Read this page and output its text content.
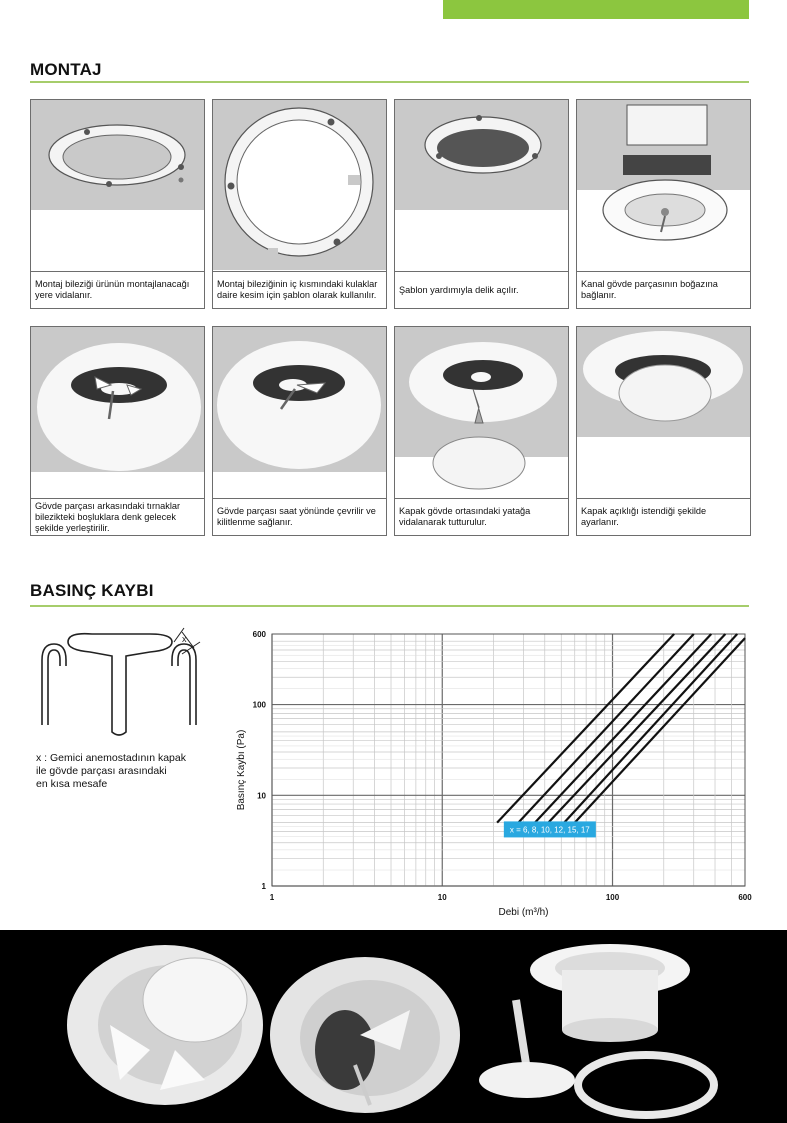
MONTAJ
Montaj bileziği ürünün montajlanacağı yere vidalanır.
Montaj bileziğinin iç kısmındaki kulaklar daire kesim için şablon olarak kullanılır.
Şablon yardımıyla delik açılır.
Kanal gövde parçasının boğazına bağlanır.
Gövde parçası arkasındaki tırnaklar bilezikteki boşluklara denk gelecek şekilde yerleştirilir.
Gövde parçası saat yönünde çevrilir ve kilitlenme sağlanır.
Kapak gövde ortasındaki yatağa vidalanarak tutturulur.
Kapak açıklığı istendiği şekilde ayarlanır.
BASINÇ KAYBI
x
x : Gemici anemostadının kapak
ile gövde parçası arasındaki
en kısa mesafe
1	10	100	600
1
10
100
600
x = 6, 8, 10, 12, 15, 17
Debi (m³/h)
Basınç Kaybı (Pa)
